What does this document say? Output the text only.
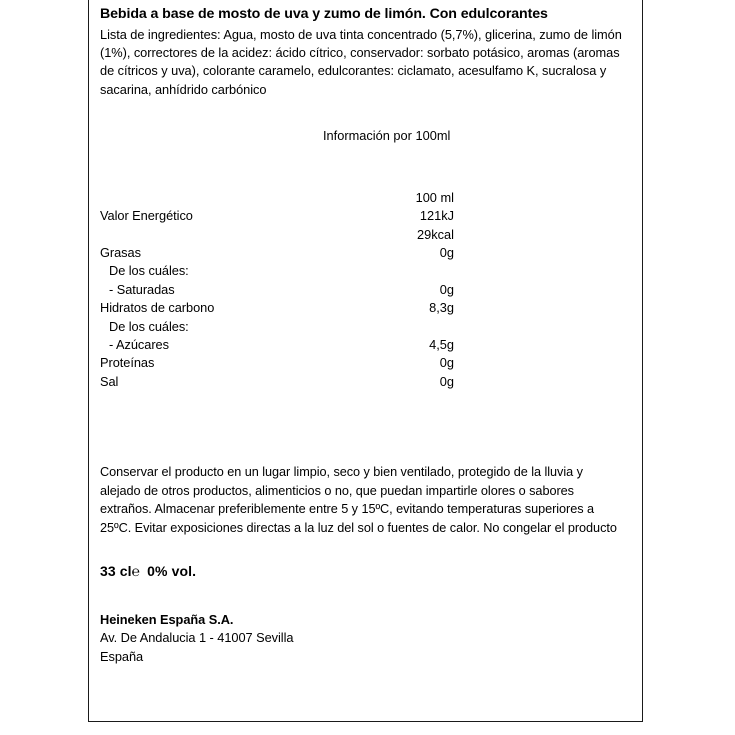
Bebida a base de mosto de uva y zumo de limón. Con edulcorantes

Lista de ingredientes: Agua, mosto de uva tinta concentrado (5,7%), glicerina, zumo de limón (1%), correctores de la acidez: ácido cítrico, conservador: sorbato potásico, aromas (aromas de cítricos y uva), colorante caramelo, edulcorantes: ciclamato, acesulfamo K, sucralosa y sacarina, anhídrido carbónico

Información por 100ml
	100 ml	
Valor Energético	121kJ	
	29kcal	
Grasas	0g	
De los cuáles:		
- Saturadas	0g	
Hidratos de carbono	8,3g	
De los cuáles:		
- Azúcares	4,5g	
Proteínas	0g	
Sal	0g	

Conservar el producto en un lugar limpio, seco y bien ventilado, protegido de la lluvia y alejado de otros productos, alimenticios o no, que puedan impartirle olores o sabores extraños. Almacenar preferiblemente entre 5 y 15ºC, evitando temperaturas superiores a 25ºC. Evitar exposiciones directas a la luz del sol o fuentes de calor. No congelar el producto

33 cl℮ 0% vol.
Heineken España S.A.
Av. De Andalucia 1 - 41007 Sevilla
España
